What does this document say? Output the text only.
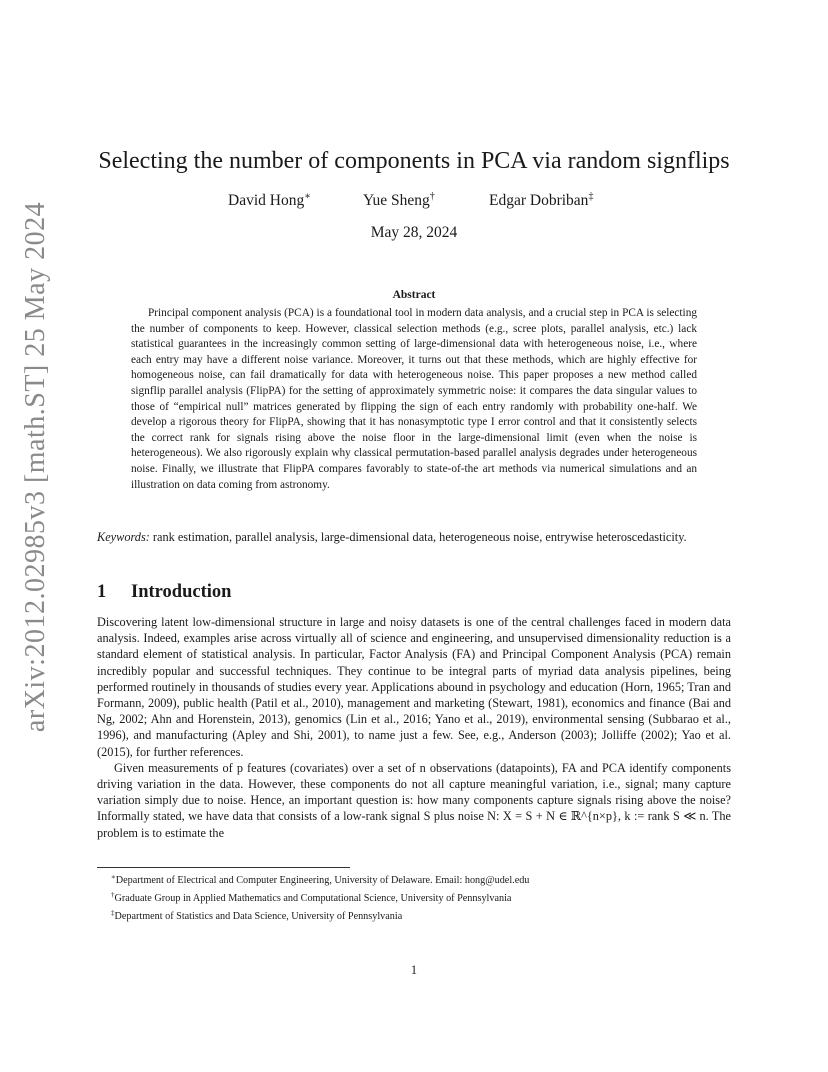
arXiv:2012.02985v3 [math.ST] 25 May 2024
Selecting the number of components in PCA via random signflips
David Hong∗	Yue Sheng†	Edgar Dobriban‡
May 28, 2024
Abstract
Principal component analysis (PCA) is a foundational tool in modern data analysis, and a crucial step in PCA is selecting the number of components to keep. However, classical selection methods (e.g., scree plots, parallel analysis, etc.) lack statistical guarantees in the increasingly common setting of large-dimensional data with heterogeneous noise, i.e., where each entry may have a different noise variance. Moreover, it turns out that these methods, which are highly effective for homogeneous noise, can fail dramatically for data with heterogeneous noise. This paper proposes a new method called signflip parallel analysis (FlipPA) for the setting of approximately symmetric noise: it compares the data singular values to those of “empirical null” matrices generated by flipping the sign of each entry randomly with probability one-half. We develop a rigorous theory for FlipPA, showing that it has nonasymptotic type I error control and that it consistently selects the correct rank for signals rising above the noise floor in the large-dimensional limit (even when the noise is heterogeneous). We also rigorously explain why classical permutation-based parallel analysis degrades under heterogeneous noise. Finally, we illustrate that FlipPA compares favorably to state-of-the art methods via numerical simulations and an illustration on data coming from astronomy.
Keywords: rank estimation, parallel analysis, large-dimensional data, heterogeneous noise, entrywise heteroscedasticity.
1 Introduction

Discovering latent low-dimensional structure in large and noisy datasets is one of the central challenges faced in modern data analysis. Indeed, examples arise across virtually all of science and engineering, and unsupervised dimensionality reduction is a standard element of statistical analysis. In particular, Factor Analysis (FA) and Principal Component Analysis (PCA) remain incredibly popular and successful techniques. They continue to be integral parts of myriad data analysis pipelines, being performed routinely in thousands of studies every year. Applications abound in psychology and education (Horn, 1965; Tran and Formann, 2009), public health (Patil et al., 2010), management and marketing (Stewart, 1981), economics and finance (Bai and Ng, 2002; Ahn and Horenstein, 2013), genomics (Lin et al., 2016; Yano et al., 2019), environmental sensing (Subbarao et al., 1996), and manufacturing (Apley and Shi, 2001), to name just a few. See, e.g., Anderson (2003); Jolliffe (2002); Yao et al. (2015), for further references.

Given measurements of p features (covariates) over a set of n observations (datapoints), FA and PCA identify components driving variation in the data. However, these components do not all capture meaningful variation, i.e., signal; many capture variation simply due to noise. Hence, an important question is: how many components capture signals rising above the noise? Informally stated, we have data that consists of a low-rank signal S plus noise N: X = S + N ∈ ℝ^{n×p}, k := rank S ≪ n. The problem is to estimate the

∗Department of Electrical and Computer Engineering, University of Delaware. Email: hong@udel.edu
†Graduate Group in Applied Mathematics and Computational Science, University of Pennsylvania
‡Department of Statistics and Data Science, University of Pennsylvania
1
